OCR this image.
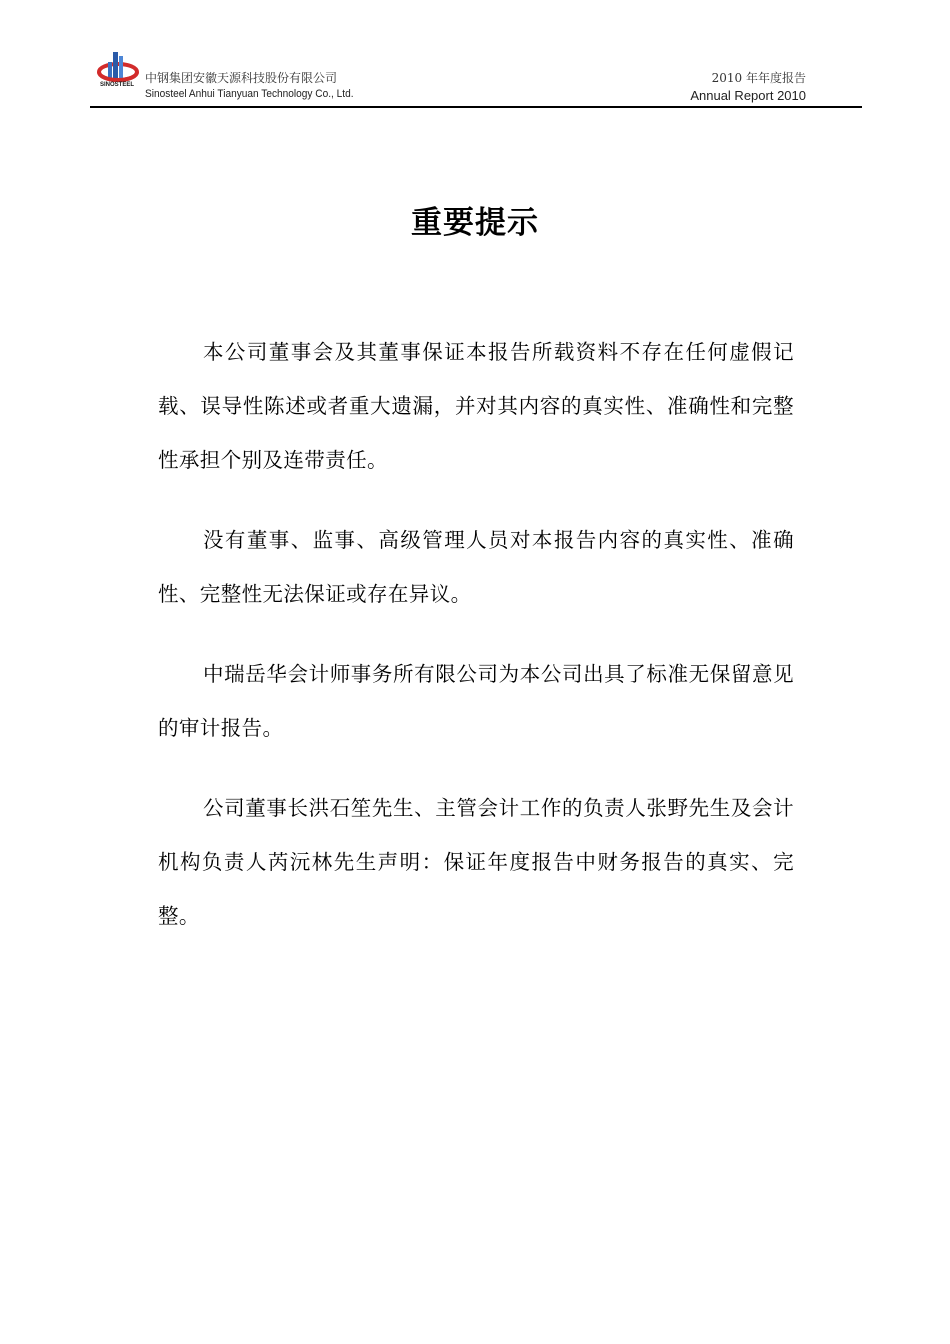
SINOSTEEL 中钢集团安徽天源科技股份有限公司
Sinosteel Anhui Tianyuan Technology Co., Ltd.
2010 年年度报告
Annual Report 2010
重要提示

本公司董事会及其董事保证本报告所载资料不存在任何虚假记载、误导性陈述或者重大遗漏，并对其内容的真实性、准确性和完整性承担个别及连带责任。

没有董事、监事、高级管理人员对本报告内容的真实性、准确性、完整性无法保证或存在异议。

中瑞岳华会计师事务所有限公司为本公司出具了标准无保留意见的审计报告。

公司董事长洪石笙先生、主管会计工作的负责人张野先生及会计机构负责人芮沅林先生声明：保证年度报告中财务报告的真实、完整。
